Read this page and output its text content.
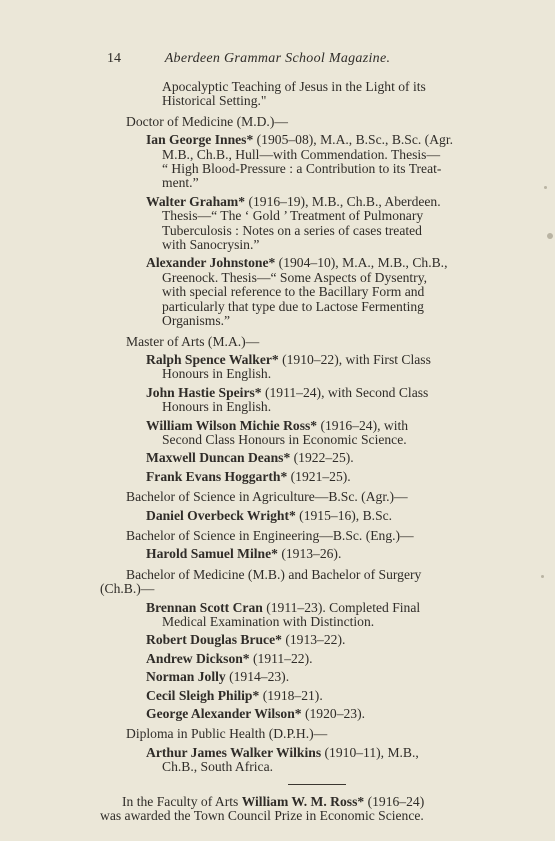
14	Aberdeen Grammar School Magazine.
Apocalyptic Teaching of Jesus in the Light of its
Historical Setting."
Doctor of Medicine (M.D.)—
Ian George Innes* (1905–08), M.A., B.Sc., B.Sc. (Agr.
M.B., Ch.B., Hull—with Commendation. Thesis—
“ High Blood-Pressure : a Contribution to its Treat-
ment.”
Walter Graham* (1916–19), M.B., Ch.B., Aberdeen.
Thesis—“ The ‘ Gold ’ Treatment of Pulmonary
Tuberculosis : Notes on a series of cases treated
with Sanocrysin.”
Alexander Johnstone* (1904–10), M.A., M.B., Ch.B.,
Greenock. Thesis—“ Some Aspects of Dysentry,
with special reference to the Bacillary Form and
particularly that type due to Lactose Fermenting
Organisms.”
Master of Arts (M.A.)—
Ralph Spence Walker* (1910–22), with First Class
Honours in English.
John Hastie Speirs* (1911–24), with Second Class
Honours in English.
William Wilson Michie Ross* (1916–24), with
Second Class Honours in Economic Science.
Maxwell Duncan Deans* (1922–25).
Frank Evans Hoggarth* (1921–25).
Bachelor of Science in Agriculture—B.Sc. (Agr.)—
Daniel Overbeck Wright* (1915–16), B.Sc.
Bachelor of Science in Engineering—B.Sc. (Eng.)—
Harold Samuel Milne* (1913–26).
Bachelor of Medicine (M.B.) and Bachelor of Surgery
(Ch.B.)—
Brennan Scott Cran (1911–23). Completed Final
Medical Examination with Distinction.
Robert Douglas Bruce* (1913–22).
Andrew Dickson* (1911–22).
Norman Jolly (1914–23).
Cecil Sleigh Philip* (1918–21).
George Alexander Wilson* (1920–23).
Diploma in Public Health (D.P.H.)—
Arthur James Walker Wilkins (1910–11), M.B.,
Ch.B., South Africa.
In the Faculty of Arts William W. M. Ross* (1916–24)
was awarded the Town Council Prize in Economic Science.
